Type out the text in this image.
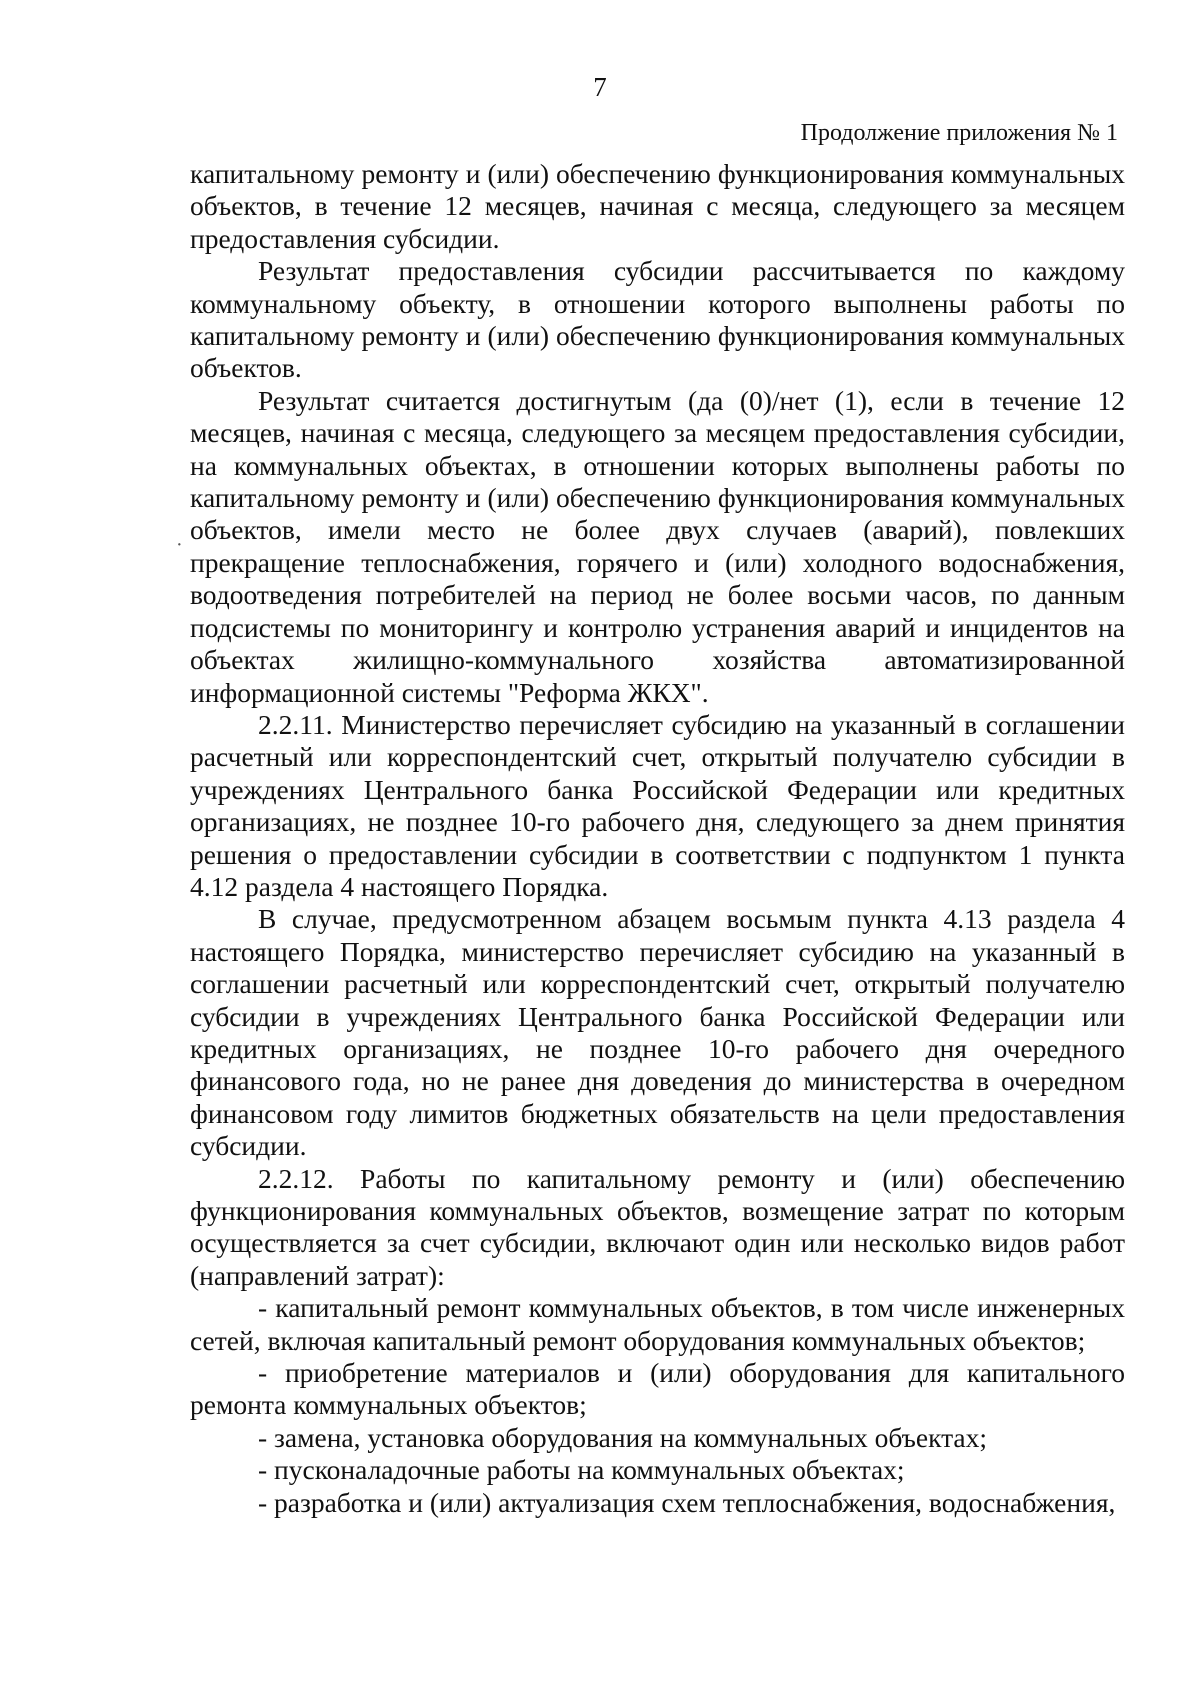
7
Продолжение приложения № 1
·

капитальному ремонту и (или) обеспечению функционирования коммунальных объектов, в течение 12 месяцев, начиная с месяца, следующего за месяцем предоставления субсидии.

Результат предоставления субсидии рассчитывается по каждому коммунальному объекту, в отношении которого выполнены работы по капитальному ремонту и (или) обеспечению функционирования коммунальных объектов.

Результат считается достигнутым (да (0)/нет (1), если в течение 12 месяцев, начиная с месяца, следующего за месяцем предоставления субсидии, на коммунальных объектах, в отношении которых выполнены работы по капитальному ремонту и (или) обеспечению функционирования коммунальных объектов, имели место не более двух случаев (аварий), повлекших прекращение теплоснабжения, горячего и (или) холодного водоснабжения, водоотведения потребителей на период не более восьми часов, по данным подсистемы по мониторингу и контролю устранения аварий и инцидентов на объектах жилищно-коммунального хозяйства автоматизированной информационной системы "Реформа ЖКХ".

2.2.11. Министерство перечисляет субсидию на указанный в соглашении расчетный или корреспондентский счет, открытый получателю субсидии в учреждениях Центрального банка Российской Федерации или кредитных организациях, не позднее 10-го рабочего дня, следующего за днем принятия решения о предоставлении субсидии в соответствии с подпунктом 1 пункта 4.12 раздела 4 настоящего Порядка.

В случае, предусмотренном абзацем восьмым пункта 4.13 раздела 4 настоящего Порядка, министерство перечисляет субсидию на указанный в соглашении расчетный или корреспондентский счет, открытый получателю субсидии в учреждениях Центрального банка Российской Федерации или кредитных организациях, не позднее 10-го рабочего дня очередного финансового года, но не ранее дня доведения до министерства в очередном финансовом году лимитов бюджетных обязательств на цели предоставления субсидии.

2.2.12. Работы по капитальному ремонту и (или) обеспечению функционирования коммунальных объектов, возмещение затрат по которым осуществляется за счет субсидии, включают один или несколько видов работ (направлений затрат):

- капитальный ремонт коммунальных объектов, в том числе инженерных сетей, включая капитальный ремонт оборудования коммунальных объектов;

- приобретение материалов и (или) оборудования для капитального ремонта коммунальных объектов;

- замена, установка оборудования на коммунальных объектах;

- пусконаладочные работы на коммунальных объектах;

- разработка и (или) актуализация схем теплоснабжения, водоснабжения,
